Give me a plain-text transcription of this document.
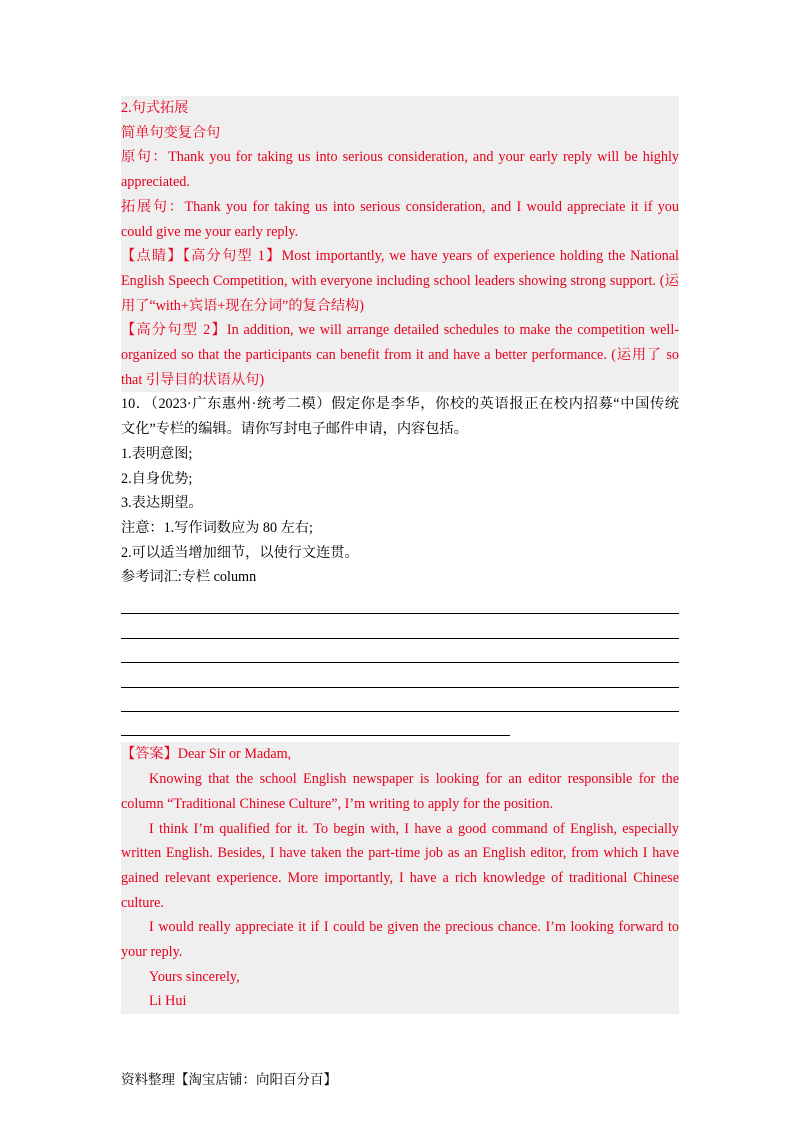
2.句式拓展
简单句变复合句
原句：Thank you for taking us into serious consideration, and your early reply will be highly
appreciated.
拓展句：Thank you for taking us into serious consideration, and I would appreciate it if you
could give me your early reply.
【点睛】【高分句型 1】Most importantly, we have years of experience holding the National
English Speech Competition, with everyone including school leaders showing strong support. (运
用了“with+宾语+现在分词”的复合结构)
【高分句型 2】In addition, we will arrange detailed schedules to make the competition well-
organized so that the participants can benefit from it and have a better performance. (运用了 so
that 引导目的状语从句)
10．（2023·广东惠州·统考二模）假定你是李华，你校的英语报正在校内招募“中国传统
文化”专栏的编辑。请你写封电子邮件申请，内容包括。
1.表明意图;
2.自身优势;
3.表达期望。
注意：1.写作词数应为 80 左右;
2.可以适当增加细节，以使行文连贯。
参考词汇:专栏 column
【答案】Dear Sir or Madam,
Knowing that the school English newspaper is looking for an editor responsible for the column “Traditional Chinese Culture”, I’m writing to apply for the position.
I think I’m qualified for it. To begin with, I have a good command of English, especially written English. Besides, I have taken the part-time job as an English editor, from which I have gained relevant experience. More importantly, I have a rich knowledge of traditional Chinese culture.
I would really appreciate it if I could be given the precious chance. I’m looking forward to your reply.
Yours sincerely,
Li Hui
资料整理【淘宝店铺：向阳百分百】
